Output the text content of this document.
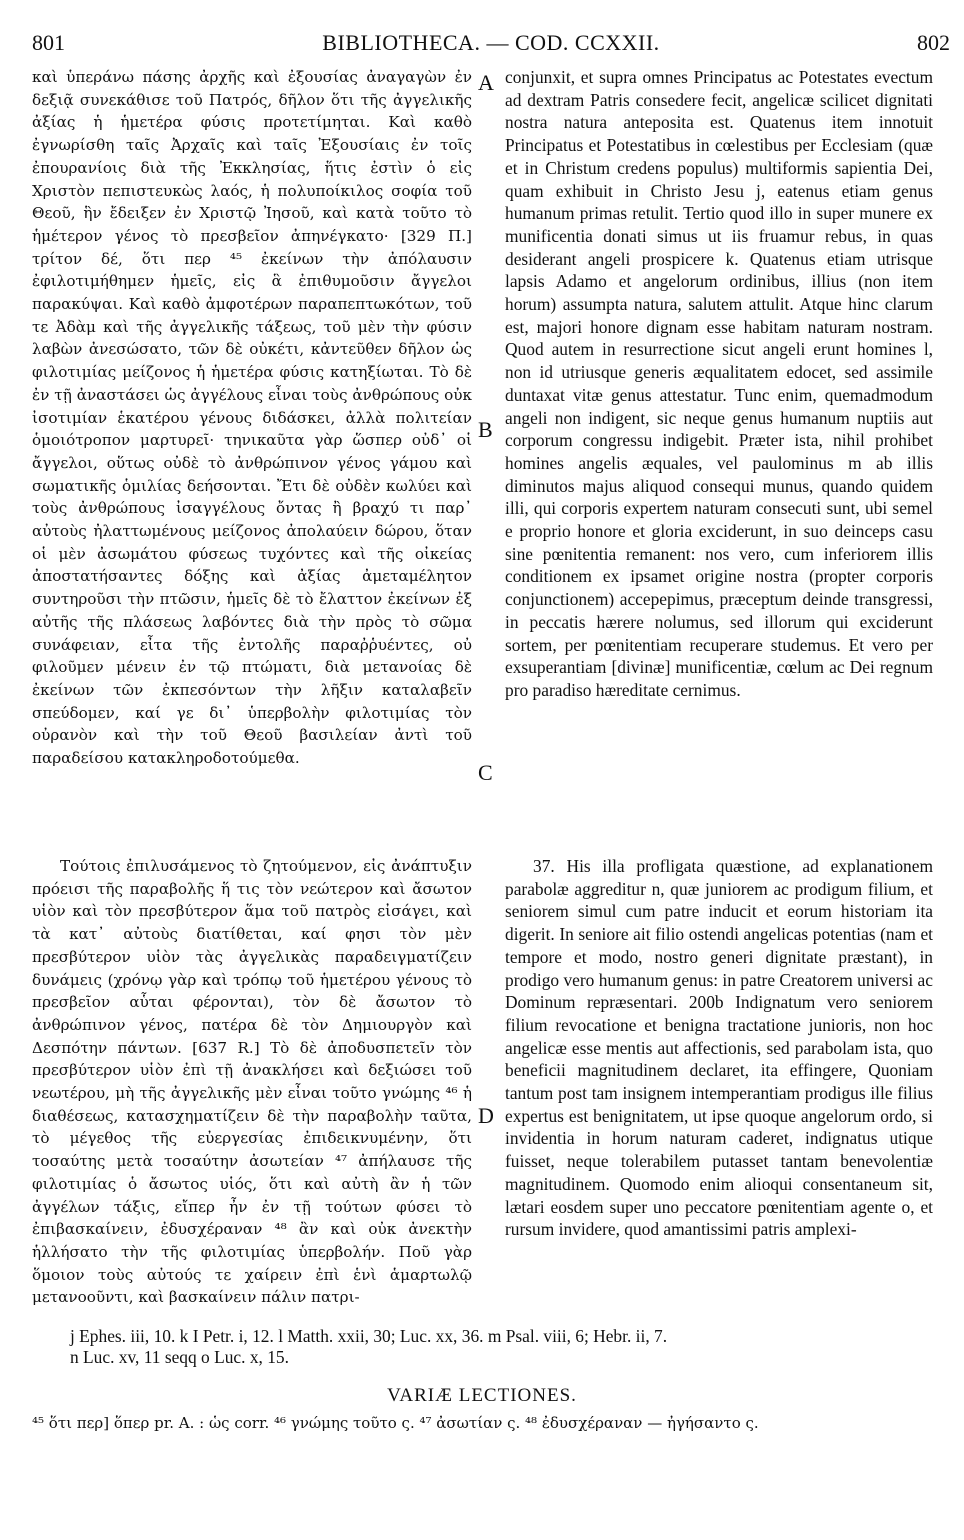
801	BIBLIOTHECA. — COD. CCXXII.	802

καὶ ὑπεράνω πάσης ἀρχῆς καὶ ἐξουσίας ἀναγαγὼν ἐν δεξιᾷ συνεκάθισε τοῦ Πατρός, δῆλον ὅτι τῆς ἀγγελικῆς ἀξίας ἡ ἡμετέρα φύσις προτετίμηται. Καὶ καθὸ ἐγνωρίσθη ταῖς Ἀρχαῖς καὶ ταῖς Ἐξουσίαις ἐν τοῖς ἐπουρανίοις διὰ τῆς Ἐκκλησίας, ἥτις ἐστὶν ὁ εἰς Χριστὸν πεπιστευκὼς λαός, ἡ πολυποίκιλος σοφία τοῦ Θεοῦ, ἣν ἔδειξεν ἐν Χριστῷ Ἰησοῦ, καὶ κατὰ τοῦτο τὸ ἡμέτερον γένος τὸ πρεσβεῖον ἀπηνέγκατο· [329 Π.] τρίτον δέ, ὅτι περ ⁴⁵ ἐκείνων τὴν ἀπόλαυσιν ἐφιλοτιμήθημεν ἡμεῖς, εἰς ἃ ἐπιθυμοῦσιν ἄγγελοι παρακύψαι. Καὶ καθὸ ἀμφοτέρων παραπεπτωκότων, τοῦ τε Ἀδὰμ καὶ τῆς ἀγγελικῆς τάξεως, τοῦ μὲν τὴν φύσιν λαβὼν ἀνεσώσατο, τῶν δὲ οὐκέτι, κἀντεῦθεν δῆλον ὡς φιλοτιμίας μείζονος ἡ ἡμετέρα φύσις κατηξίωται. Τὸ δὲ ἐν τῇ ἀναστάσει ὡς ἀγγέλους εἶναι τοὺς ἀνθρώπους οὐκ ἰσοτιμίαν ἑκατέρου γένους διδάσκει, ἀλλὰ πολιτείαν ὁμοιότροπον μαρτυρεῖ· τηνικαῦτα γὰρ ὥσπερ οὐδ᾽ οἱ ἄγγελοι, οὕτως οὐδὲ τὸ ἀνθρώπινον γένος γάμου καὶ σωματικῆς ὁμιλίας δεήσονται. Ἔτι δὲ οὐδὲν κωλύει καὶ τοὺς ἀνθρώπους ἰσαγγέλους ὄντας ἢ βραχύ τι παρ᾽ αὐτοὺς ἠλαττωμένους μείζονος ἀπολαύειν δώρου, ὅταν οἱ μὲν ἀσωμάτου φύσεως τυχόντες καὶ τῆς οἰκείας ἀποστατήσαντες δόξης καὶ ἀξίας ἀμεταμέλητον συντηροῦσι τὴν πτῶσιν, ἡμεῖς δὲ τὸ ἔλαττον ἐκείνων ἐξ αὐτῆς τῆς πλάσεως λαβόντες διὰ τὴν πρὸς τὸ σῶμα συνάφειαν, εἶτα τῆς ἐντολῆς παραῤῥυέντες, οὐ φιλοῦμεν μένειν ἐν τῷ πτώματι, διὰ μετανοίας δὲ ἐκείνων τῶν ἐκπεσόντων τὴν λῆξιν καταλαβεῖν σπεύδομεν, καί γε δι᾽ ὑπερβολὴν φιλοτιμίας τὸν οὐρανὸν καὶ τὴν τοῦ Θεοῦ βασιλείαν ἀντὶ τοῦ παραδείσου κατακληροδοτούμεθα.

conjunxit, et supra omnes Principatus ac Potestates evectum ad dextram Patris consedere fecit, angelicæ scilicet dignitati nostra natura anteposita est. Quatenus item innotuit Principatus et Potestatibus in cœlestibus per Ecclesiam (quæ et in Christum credens populus) multiformis sapientia Dei, quam exhibuit in Christo Jesu j, eatenus etiam genus humanum primas retulit. Tertio quod illo in super munere ex munificentia donati simus ut iis fruamur rebus, in quas desiderant angeli prospicere k. Quatenus etiam utrisque lapsis Adamo et angelorum ordinibus, illius (non item horum) assumpta natura, salutem attulit. Atque hinc clarum est, majori honore dignam esse habitam naturam nostram. Quod autem in resurrectione sicut angeli erunt homines l, non id utriusque generis æqualitatem edocet, sed assimile duntaxat vitæ genus attestatur. Tunc enim, quemadmodum angeli non indigent, sic neque genus humanum nuptiis aut corporum congressu indigebit. Præter ista, nihil prohibet homines angelis æquales, vel paulominus m ab illis diminutos majus aliquod consequi munus, quando quidem illi, qui corporis expertem naturam consecuti sunt, ubi semel e proprio honore et gloria exciderunt, in suo deinceps casu sine pœnitentia remanent: nos vero, cum inferiorem illis conditionem ex ipsamet origine nostra (propter corporis conjunctionem) accepерimus, præceptum deinde transgressi, in peccatis hærere nolumus, sed illorum qui exciderunt sortem, per pœnitentiam recuperare studemus. Et vero per exsuperantiam [divinæ] munificentiæ, cœlum ac Dei regnum pro paradiso hæreditate cernimus.

Τούτοις ἐπιλυσάμενος τὸ ζητούμενον, εἰς ἀνάπτυξιν πρόεισι τῆς παραβολῆς ἥ τις τὸν νεώτερον καὶ ἄσωτον υἱὸν καὶ τὸν πρεσβύτερον ἅμα τοῦ πατρὸς εἰσάγει, καὶ τὰ κατ᾽ αὐτοὺς διατίθεται, καί φησι τὸν μὲν πρεσβύτερον υἱὸν τὰς ἀγγελικὰς παραδειγματίζειν δυνάμεις (χρόνῳ γὰρ καὶ τρόπῳ τοῦ ἡμετέρου γένους τὸ πρεσβεῖον αὗται φέρονται), τὸν δὲ ἄσωτον τὸ ἀνθρώπινον γένος, πατέρα δὲ τὸν Δημιουργὸν καὶ Δεσπότην πάντων. [637 R.] Τὸ δὲ ἀποδυσπετεῖν τὸν πρεσβύτερον υἱὸν ἐπὶ τῇ ἀνακλήσει καὶ δεξιώσει τοῦ νεωτέρου, μὴ τῆς ἀγγελικῆς μὲν εἶναι τοῦτο γνώμης ⁴⁶ ἡ διαθέσεως, κατασχηματίζειν δὲ τὴν παραβολὴν ταῦτα, τὸ μέγεθος τῆς εὐεργεσίας ἐπιδεικνυμένην, ὅτι τοσαύτης μετὰ τοσαύτην ἀσωτείαν ⁴⁷ ἀπήλαυσε τῆς φιλοτιμίας ὁ ἄσωτος υἱός, ὅτι καὶ αὐτὴ ἂν ἡ τῶν ἀγγέλων τάξις, εἴπερ ἦν ἐν τῇ τούτων φύσει τὸ ἐπιβασκαίνειν, ἐδυσχέραναν ⁴⁸ ἂν καὶ οὐκ ἀνεκτὴν ἡλλήσατο τὴν τῆς φιλοτιμίας ὑπερβολήν. Ποῦ γὰρ ὅμοιον τοὺς αὐτούς τε χαίρειν ἐπὶ ἑνὶ ἁμαρτωλῷ μετανοοῦντι, καὶ βασκαίνειν πάλιν πατρι-

37. His illa profligata quæstione, ad explanationem parabolæ aggreditur n, quæ juniorem ac prodigum filium, et seniorem simul cum patre inducit et eorum historiam ita digerit. In seniore ait filio ostendi angelicas potentias (nam et tempore et modo, nostro generi dignitate præstant), in prodigo vero humanum genus: in patre Creatorem universi ac Dominum repræsentari. 200b Indignatum vero seniorem filium revocatione et benigna tractatione junioris, non hoc angelicæ esse mentis aut affectionis, sed parabolam ista, quo beneficii magnitudinem declaret, ita effingere, Quoniam tantum post tam insignem intemperantiam prodigus ille filius expertus est benignitatem, ut ipse quoque angelorum ordo, si invidentia in horum naturam caderet, indignatus utique fuisset, neque tolerabilem putasset tantam benevolentiæ magnitudinem. Quomodo enim alioqui consentaneum sit, lætari eosdem super uno peccatore pœnitentiam agente o, et rursum invidere, quod amantissimi patris amplexi-

A
B
C
D
j Ephes. iii, 10. k I Petr. i, 12. l Matth. xxii, 30; Luc. xx, 36. m Psal. viii, 6; Hebr. ii, 7.
n Luc. xv, 11 seqq o Luc. x, 15.
VARIÆ LECTIONES.
⁴⁵ ὅτι περ] ὅπερ pr. A. : ὡς corr. ⁴⁶ γνώμης τοῦτο ς. ⁴⁷ ἀσωτίαν ς. ⁴⁸ ἐδυσχέραναν — ἠγήσαντο ς.
